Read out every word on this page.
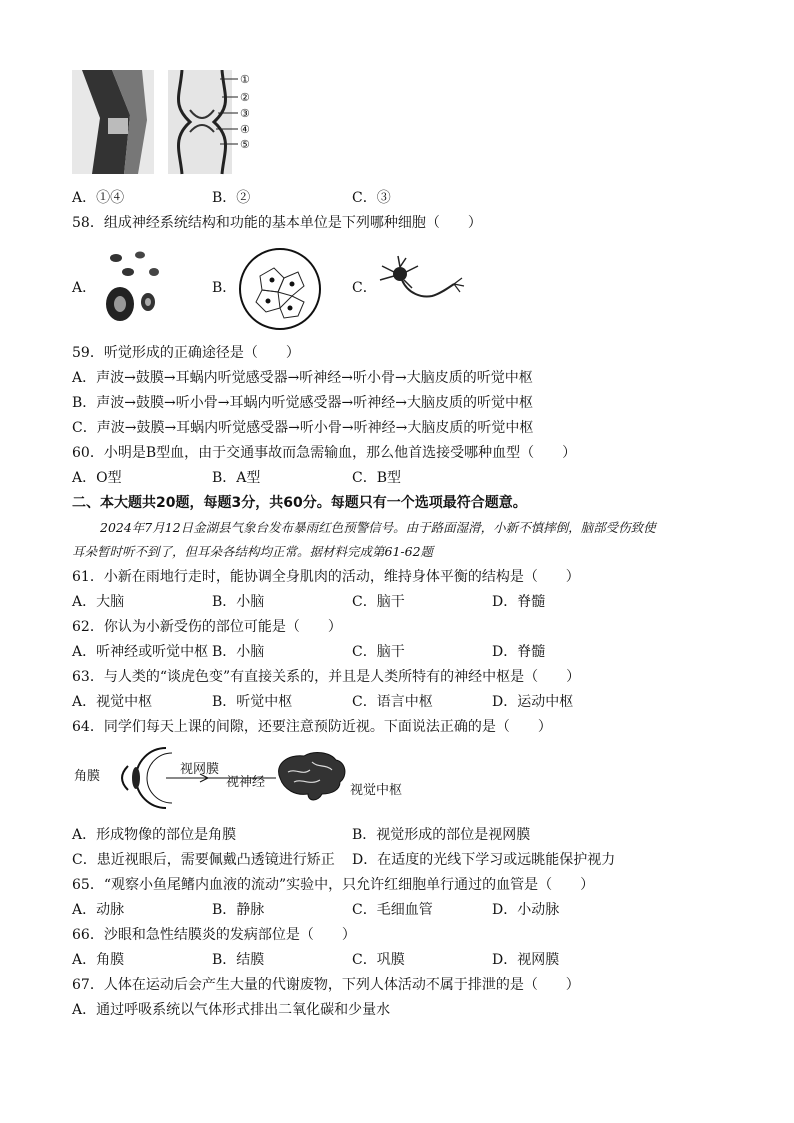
①
②
③
④
⑤
A．①④	B．②	C．③
58．组成神经系统结构和功能的基本单位是下列哪种细胞（　　）
A．	B．	C．
59．听觉形成的正确途径是（　　）
A．声波→鼓膜→耳蜗内听觉感受器→听神经→听小骨→大脑皮质的听觉中枢
B．声波→鼓膜→听小骨→耳蜗内听觉感受器→听神经→大脑皮质的听觉中枢
C．声波→鼓膜→耳蜗内听觉感受器→听小骨→听神经→大脑皮质的听觉中枢
60．小明是B型血，由于交通事故而急需输血，那么他首选接受哪种血型（　　）
A．O型	B．A型	C．B型
二、本大题共20题，每题3分，共60分。每题只有一个选项最符合题意。
2024年7月12日金湖县气象台发布暴雨红色预警信号。由于路面湿滑，小新不慎摔倒，脑部受伤致使
耳朵暂时听不到了，但耳朵各结构均正常。据材料完成第61-62题
61．小新在雨地行走时，能协调全身肌肉的活动，维持身体平衡的结构是（　　）
A．大脑	B．小脑	C．脑干	D．脊髓
62．你认为小新受伤的部位可能是（　　）
A．听神经或听觉中枢 B．小脑	C．脑干	D．脊髓
63．与人类的“谈虎色变”有直接关系的，并且是人类所特有的神经中枢是（　　）
A．视觉中枢	B．听觉中枢	C．语言中枢	D．运动中枢
64．同学们每天上课的间隙，还要注意预防近视。下面说法正确的是（　　）
角膜	视网膜
视神经
视觉中枢
A．形成物像的部位是角膜	B．视觉形成的部位是视网膜
C．患近视眼后，需要佩戴凸透镜进行矫正 D．在适度的光线下学习或远眺能保护视力
65．“观察小鱼尾鳍内血液的流动”实验中，只允许红细胞单行通过的血管是（　　）
A．动脉	B．静脉	C．毛细血管	D．小动脉
66．沙眼和急性结膜炎的发病部位是（　　）
A．角膜	B．结膜	C．巩膜	D．视网膜
67．人体在运动后会产生大量的代谢废物，下列人体活动不属于排泄的是（　　）
A．通过呼吸系统以气体形式排出二氧化碳和少量水
